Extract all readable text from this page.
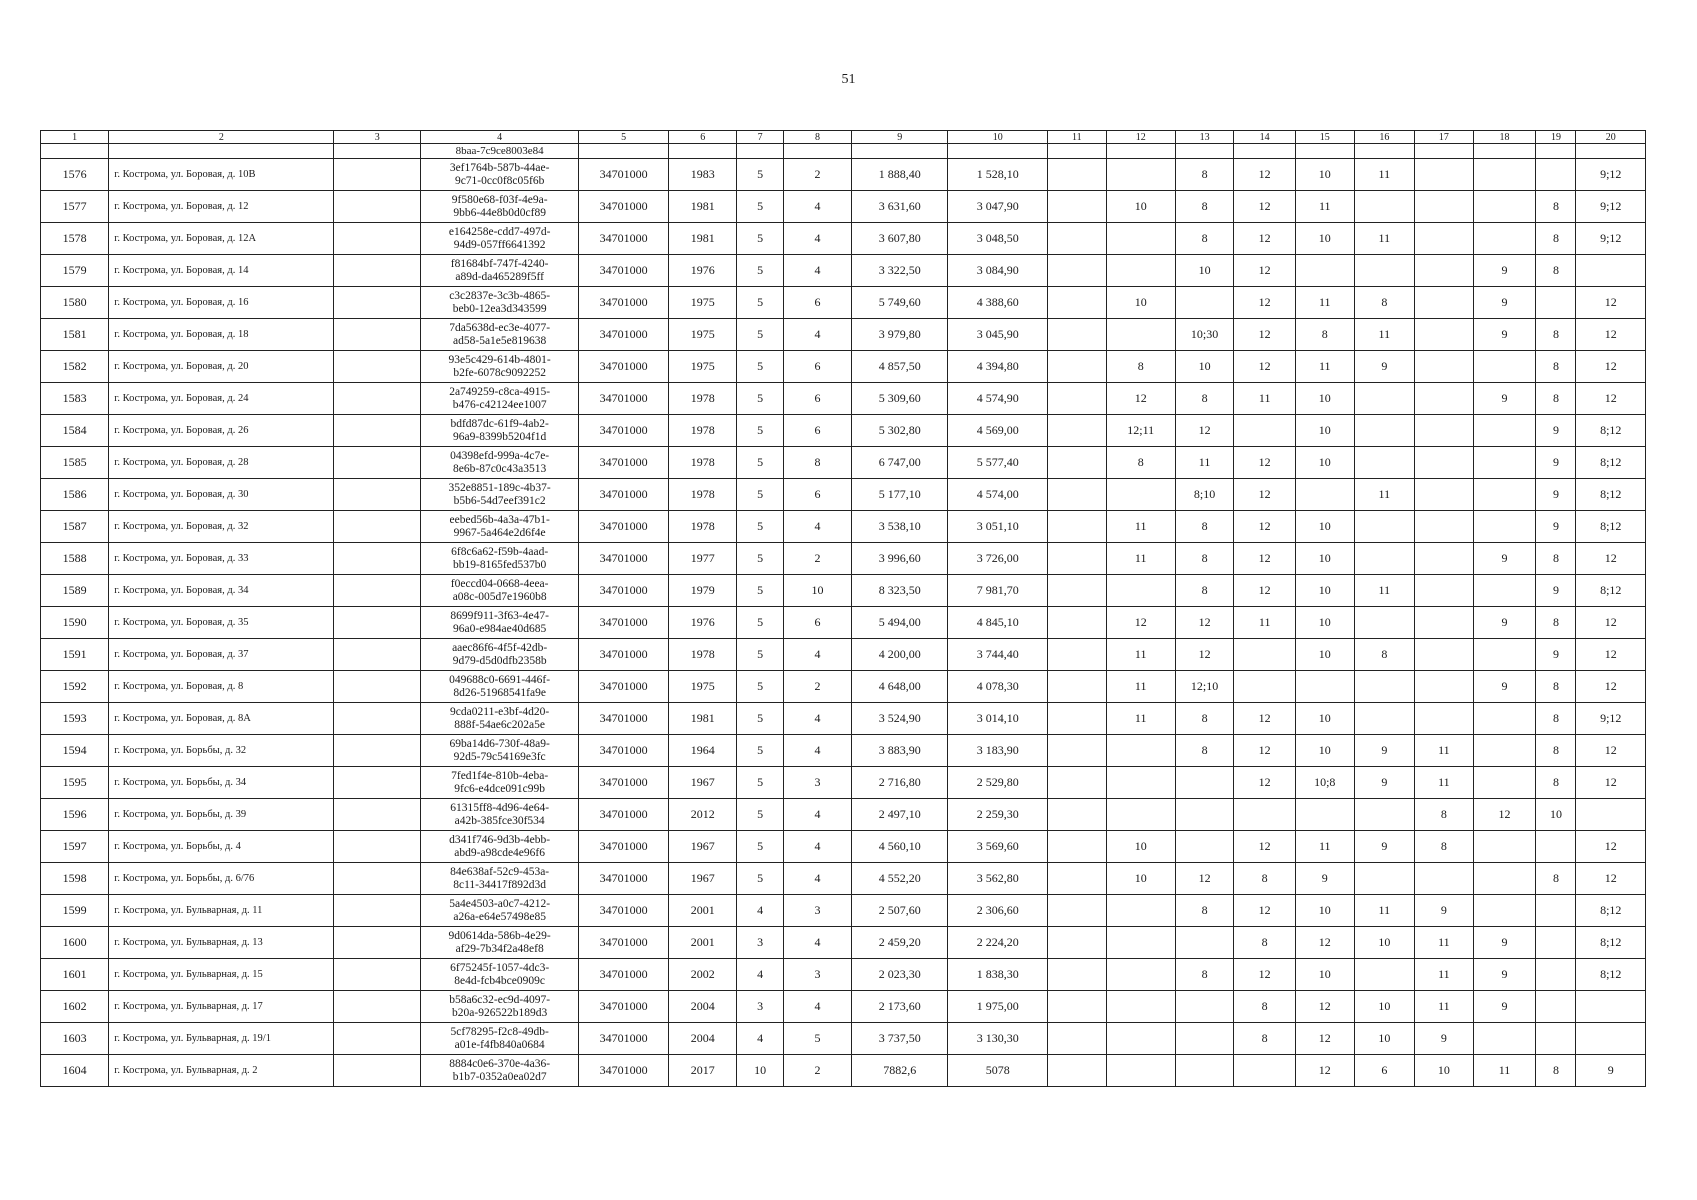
51
1	2	3	4	5	6	7	8	9	10	11	12	13	14	15	16	17	18	19	20
			8baa-7c9ce8003e84																
1576	г. Кострома, ул. Боровая, д. 10В		3ef1764b-587b-44ae-
9c71-0cc0f8c05f6b	34701000	1983	5	2	1 888,40	1 528,10			8	12	10	11				9;12
1577	г. Кострома, ул. Боровая, д. 12		9f580e68-f03f-4e9a-
9bb6-44e8b0d0cf89	34701000	1981	5	4	3 631,60	3 047,90		10	8	12	11				8	9;12
1578	г. Кострома, ул. Боровая, д. 12А		e164258e-cdd7-497d-
94d9-057ff6641392	34701000	1981	5	4	3 607,80	3 048,50			8	12	10	11			8	9;12
1579	г. Кострома, ул. Боровая, д. 14		f81684bf-747f-4240-
a89d-da465289f5ff	34701000	1976	5	4	3 322,50	3 084,90			10	12				9	8	
1580	г. Кострома, ул. Боровая, д. 16		c3c2837e-3c3b-4865-
beb0-12ea3d343599	34701000	1975	5	6	5 749,60	4 388,60		10		12	11	8		9		12
1581	г. Кострома, ул. Боровая, д. 18		7da5638d-ec3e-4077-
ad58-5a1e5e819638	34701000	1975	5	4	3 979,80	3 045,90			10;30	12	8	11		9	8	12
1582	г. Кострома, ул. Боровая, д. 20		93e5c429-614b-4801-
b2fe-6078c9092252	34701000	1975	5	6	4 857,50	4 394,80		8	10	12	11	9			8	12
1583	г. Кострома, ул. Боровая, д. 24		2a749259-c8ca-4915-
b476-c42124ee1007	34701000	1978	5	6	5 309,60	4 574,90		12	8	11	10			9	8	12
1584	г. Кострома, ул. Боровая, д. 26		bdfd87dc-61f9-4ab2-
96a9-8399b5204f1d	34701000	1978	5	6	5 302,80	4 569,00		12;11	12		10				9	8;12
1585	г. Кострома, ул. Боровая, д. 28		04398efd-999a-4c7e-
8e6b-87c0c43a3513	34701000	1978	5	8	6 747,00	5 577,40		8	11	12	10				9	8;12
1586	г. Кострома, ул. Боровая, д. 30		352e8851-189c-4b37-
b5b6-54d7eef391c2	34701000	1978	5	6	5 177,10	4 574,00			8;10	12		11			9	8;12
1587	г. Кострома, ул. Боровая, д. 32		eebed56b-4a3a-47b1-
9967-5a464e2d6f4e	34701000	1978	5	4	3 538,10	3 051,10		11	8	12	10				9	8;12
1588	г. Кострома, ул. Боровая, д. 33		6f8c6a62-f59b-4aad-
bb19-8165fed537b0	34701000	1977	5	2	3 996,60	3 726,00		11	8	12	10			9	8	12
1589	г. Кострома, ул. Боровая, д. 34		f0eccd04-0668-4eea-
a08c-005d7e1960b8	34701000	1979	5	10	8 323,50	7 981,70			8	12	10	11			9	8;12
1590	г. Кострома, ул. Боровая, д. 35		8699f911-3f63-4e47-
96a0-e984ae40d685	34701000	1976	5	6	5 494,00	4 845,10		12	12	11	10			9	8	12
1591	г. Кострома, ул. Боровая, д. 37		aaec86f6-4f5f-42db-
9d79-d5d0dfb2358b	34701000	1978	5	4	4 200,00	3 744,40		11	12		10	8			9	12
1592	г. Кострома, ул. Боровая, д. 8		049688c0-6691-446f-
8d26-51968541fa9e	34701000	1975	5	2	4 648,00	4 078,30		11	12;10					9	8	12
1593	г. Кострома, ул. Боровая, д. 8А		9cda0211-e3bf-4d20-
888f-54ae6c202a5e	34701000	1981	5	4	3 524,90	3 014,10		11	8	12	10				8	9;12
1594	г. Кострома, ул. Борьбы, д. 32		69ba14d6-730f-48a9-
92d5-79c54169e3fc	34701000	1964	5	4	3 883,90	3 183,90			8	12	10	9	11		8	12
1595	г. Кострома, ул. Борьбы, д. 34		7fed1f4e-810b-4eba-
9fc6-e4dce091c99b	34701000	1967	5	3	2 716,80	2 529,80				12	10;8	9	11		8	12
1596	г. Кострома, ул. Борьбы, д. 39		61315ff8-4d96-4e64-
a42b-385fce30f534	34701000	2012	5	4	2 497,10	2 259,30							8	12	10	
1597	г. Кострома, ул. Борьбы, д. 4		d341f746-9d3b-4ebb-
abd9-a98cde4e96f6	34701000	1967	5	4	4 560,10	3 569,60		10		12	11	9	8			12
1598	г. Кострома, ул. Борьбы, д. 6/76		84e638af-52c9-453a-
8c11-34417f892d3d	34701000	1967	5	4	4 552,20	3 562,80		10	12	8	9				8	12
1599	г. Кострома, ул. Бульварная, д. 11		5a4e4503-a0c7-4212-
a26a-e64e57498e85	34701000	2001	4	3	2 507,60	2 306,60			8	12	10	11	9			8;12
1600	г. Кострома, ул. Бульварная, д. 13		9d0614da-586b-4e29-
af29-7b34f2a48ef8	34701000	2001	3	4	2 459,20	2 224,20				8	12	10	11	9		8;12
1601	г. Кострома, ул. Бульварная, д. 15		6f75245f-1057-4dc3-
8e4d-fcb4bce0909c	34701000	2002	4	3	2 023,30	1 838,30			8	12	10		11	9		8;12
1602	г. Кострома, ул. Бульварная, д. 17		b58a6c32-ec9d-4097-
b20a-926522b189d3	34701000	2004	3	4	2 173,60	1 975,00				8	12	10	11	9		
1603	г. Кострома, ул. Бульварная, д. 19/1		5cf78295-f2c8-49db-
a01e-f4fb840a0684	34701000	2004	4	5	3 737,50	3 130,30				8	12	10	9			
1604	г. Кострома, ул. Бульварная, д. 2		8884c0e6-370e-4a36-
b1b7-0352a0ea02d7	34701000	2017	10	2	7882,6	5078					12	6	10	11	8	9
